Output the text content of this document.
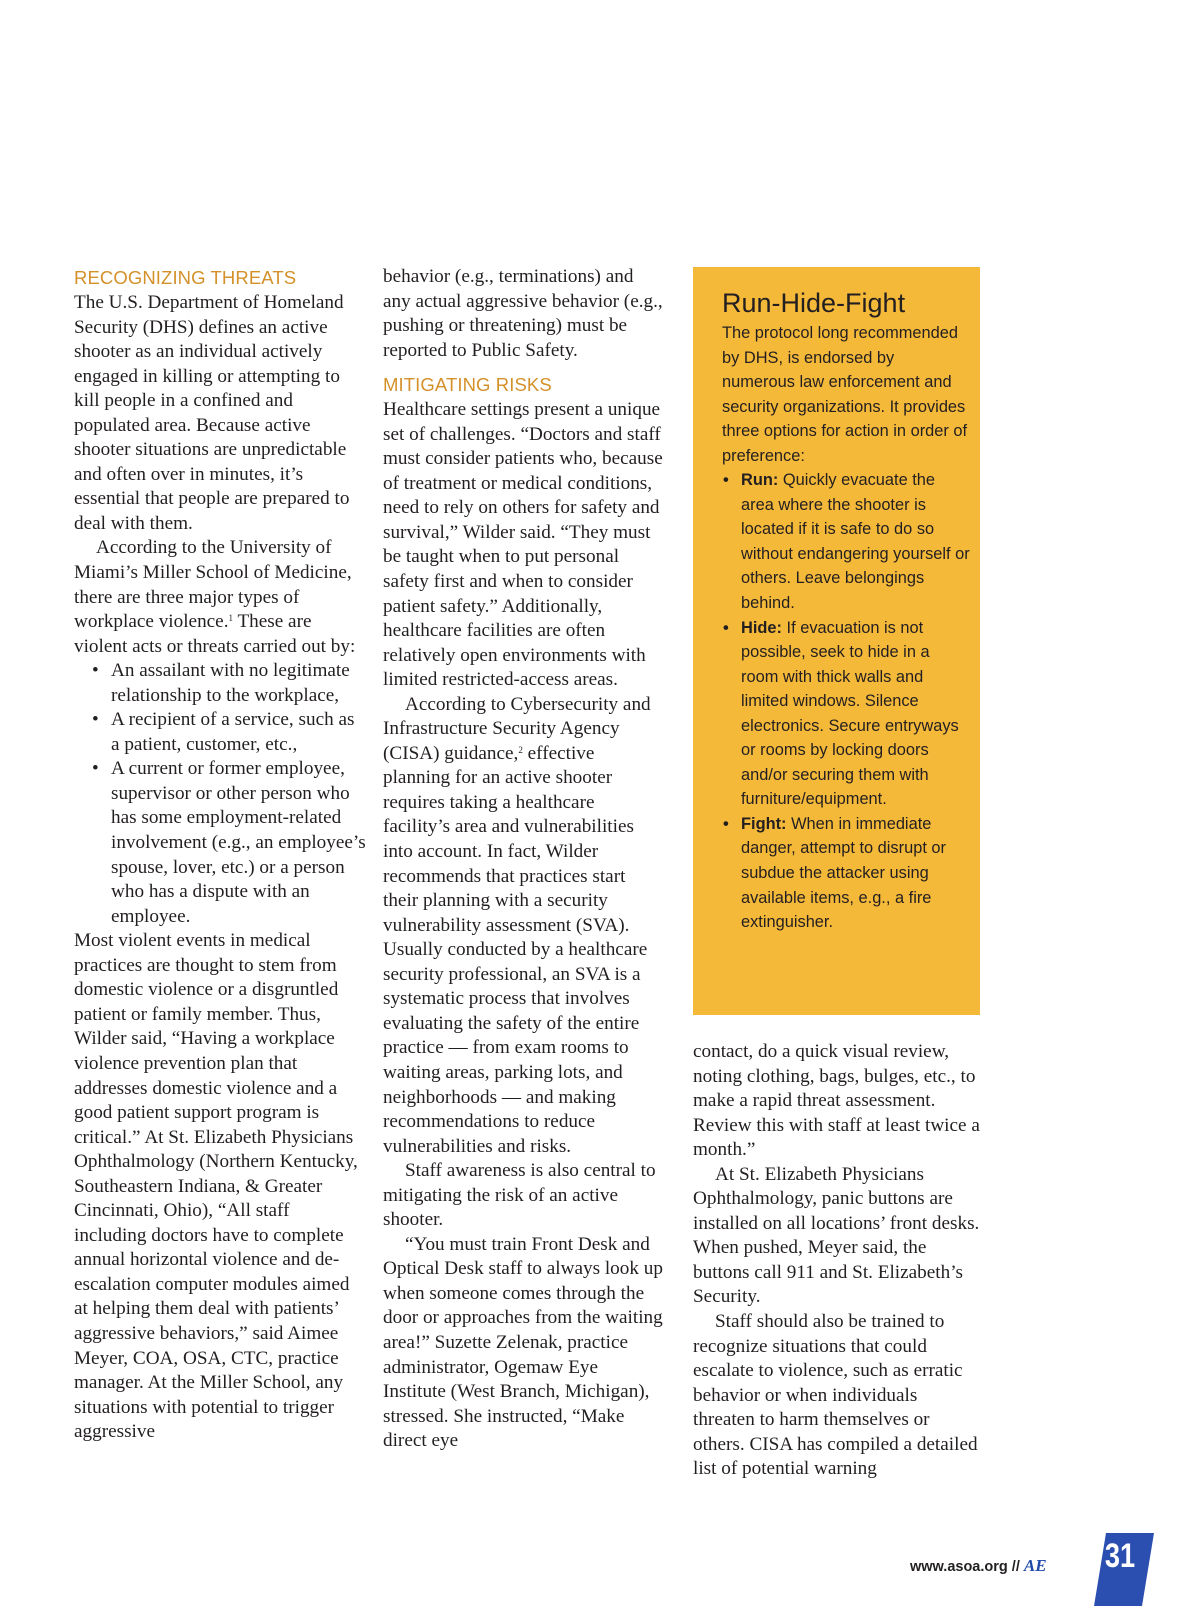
RECOGNIZING THREATS

The U.S. Department of Homeland Security (DHS) defines an active shooter as an individual actively engaged in killing or attempting to kill people in a confined and populated area. Because active shooter situations are unpredictable and often over in minutes, it’s essential that people are prepared to deal with them.

According to the University of Miami’s Miller School of Medicine, there are three major types of workplace violence.$^1$ These are violent acts or threats carried out by:

• An assailant with no legitimate relationship to the workplace,
• A recipient of a service, such as a patient, customer, etc.,
• A current or former employee, supervisor or other person who has some employment-related involvement (e.g., an employee’s spouse, lover, etc.) or a person who has a dispute with an employee.

Most violent events in medical practices are thought to stem from domestic violence or a disgruntled patient or family member. Thus, Wilder said, “Having a workplace violence prevention plan that addresses domestic violence and a good patient support program is critical.” At St. Elizabeth Physicians Ophthalmology (Northern Kentucky, Southeastern Indiana, & Greater Cincinnati, Ohio), “All staff including doctors have to complete annual horizontal violence and de-escalation computer modules aimed at helping them deal with patients’ aggressive behaviors,” said Aimee Meyer, COA, OSA, CTC, practice manager. At the Miller School, any situations with potential to trigger aggressive

behavior (e.g., terminations) and any actual aggressive behavior (e.g., pushing or threatening) must be reported to Public Safety.

MITIGATING RISKS

Healthcare settings present a unique set of challenges. “Doctors and staff must consider patients who, because of treatment or medical conditions, need to rely on others for safety and survival,” Wilder said. “They must be taught when to put personal safety first and when to consider patient safety.” Additionally, healthcare facilities are often relatively open environments with limited restricted-access areas.

According to Cybersecurity and Infrastructure Security Agency (CISA) guidance,$^2$ effective planning for an active shooter requires taking a healthcare facility’s area and vulnerabilities into account. In fact, Wilder recommends that practices start their planning with a security vulnerability assessment (SVA). Usually conducted by a healthcare security professional, an SVA is a systematic process that involves evaluating the safety of the entire practice — from exam rooms to waiting areas, parking lots, and neighborhoods — and making recommendations to reduce vulnerabilities and risks.

Staff awareness is also central to mitigating the risk of an active shooter.

“You must train Front Desk and Optical Desk staff to always look up when someone comes through the door or approaches from the waiting area!” Suzette Zelenak, practice administrator, Ogemaw Eye Institute (West Branch, Michigan), stressed. She instructed, “Make direct eye

Run-Hide-Fight

The protocol long recommended by DHS, is endorsed by numerous law enforcement and security organizations. It provides three options for action in order of preference:

• Run: Quickly evacuate the area where the shooter is located if it is safe to do so without endangering yourself or others. Leave belongings behind.
• Hide: If evacuation is not possible, seek to hide in a room with thick walls and limited windows. Silence electronics. Secure entryways or rooms by locking doors and/or securing them with furniture/equipment.
• Fight: When in immediate danger, attempt to disrupt or subdue the attacker using available items, e.g., a fire extinguisher.

contact, do a quick visual review, noting clothing, bags, bulges, etc., to make a rapid threat assessment. Review this with staff at least twice a month.”

At St. Elizabeth Physicians Ophthalmology, panic buttons are installed on all locations’ front desks. When pushed, Meyer said, the buttons call 911 and St. Elizabeth’s Security.

Staff should also be trained to recognize situations that could escalate to violence, such as erratic behavior or when individuals threaten to harm themselves or others. CISA has compiled a detailed list of potential warning

www.asoa.org // AE 31
